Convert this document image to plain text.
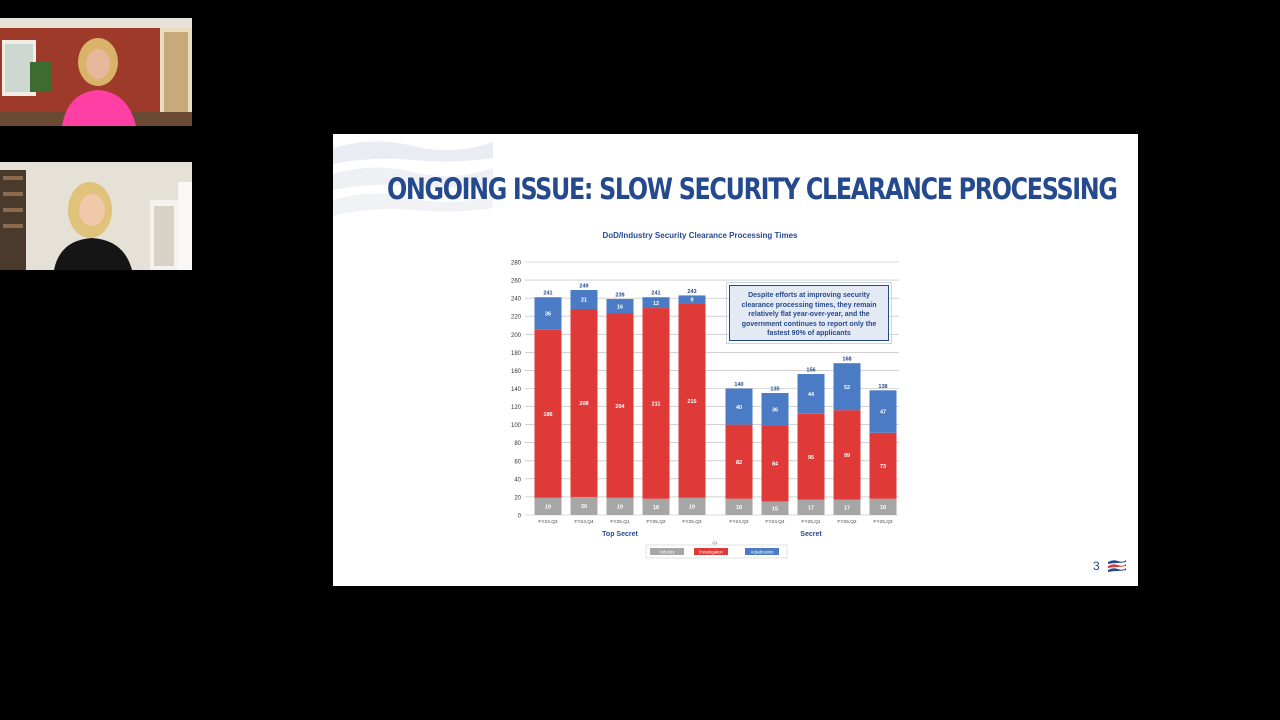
ONGOING ISSUE: SLOW SECURITY CLEARANCE PROCESSING
DoD/Industry Security Clearance Processing Times
0
20
40
60
80
100
120
140
160
180
200
220
240
260
280
19
186
36
241
20
208
21
249
19
204
16
239
18
211
12
241
19
215
9
243
18
82
40
140
15
84
36
135
17
95
44
156
17
99
52
168
18
73
47
138
FY24,Q3	FY24,Q4	FY25,Q1	FY25,Q2	FY25,Q3	FY24,Q3	FY24,Q4	FY25,Q1	FY25,Q2	FY25,Q3
Top Secret	Secret
Q1
Industry	Investigation	Adjudication
Despite efforts at improving security clearance processing times, they remain relatively flat year-over-year, and the government continues to report only the fastest 90% of applicants
3
